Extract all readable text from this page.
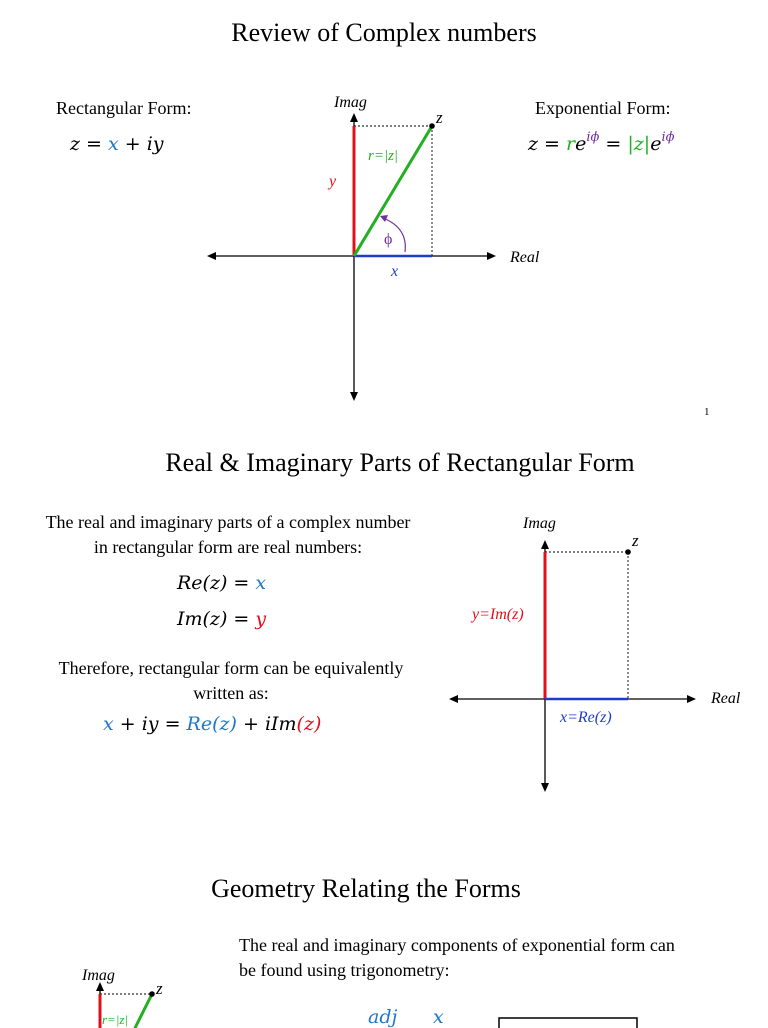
Review of Complex numbers
Rectangular Form:
z = x + iy
Exponential Form:
$z = re^{i\phi} = |z|e^{i\phi}$
Imag
Real
z
y
x
r=|z|
ϕ
1
Real & Imaginary Parts of Rectangular Form
The real and imaginary parts of a complex number
in rectangular form are real numbers:
Re(z) = x
Im(z) = y
Therefore, rectangular form can be equivalently
written as:
x + iy = Re(z) + iIm(z)
Imag
Real
z
y=Im(z)
x=Re(z)
Geometry Relating the Forms
The real and imaginary components of exponential form can
be found using trigonometry:
adj x
Imag
z
r=|z|
